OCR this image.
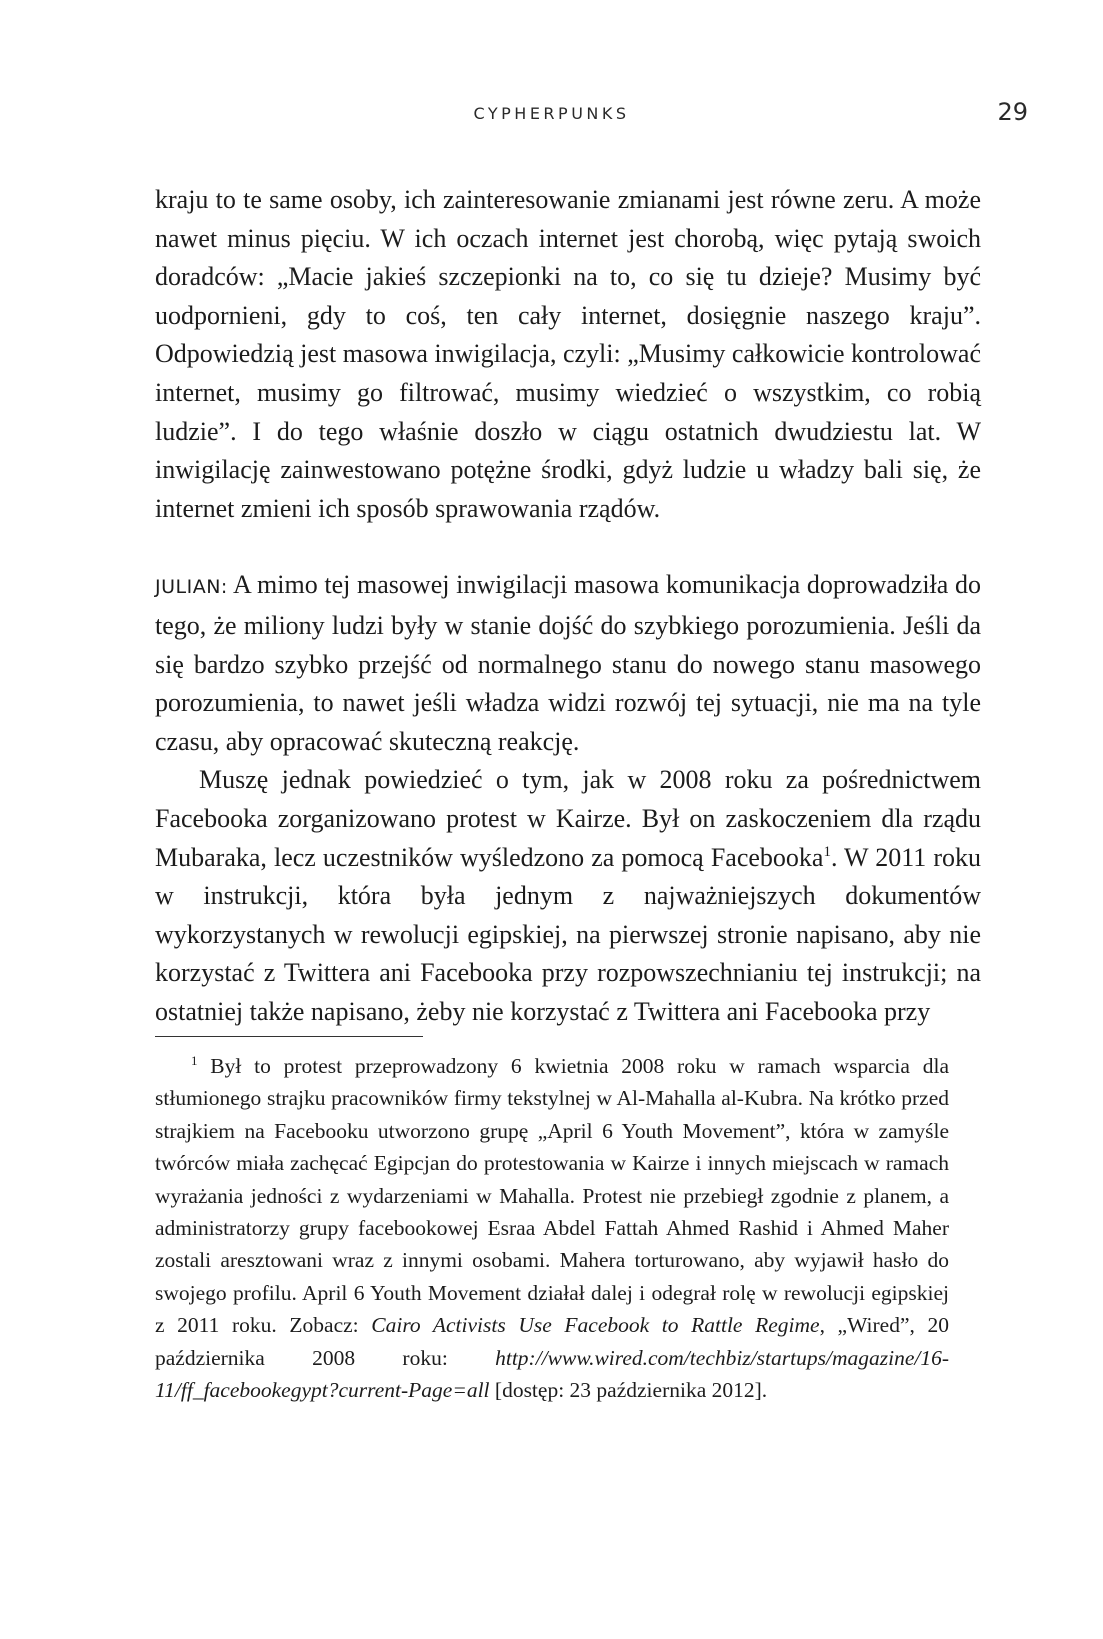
CYPHERPUNKS	29

kraju to te same osoby, ich zainteresowanie zmianami jest równe zeru. A może nawet minus pięciu. W ich oczach internet jest chorobą, więc pytają swoich doradców: „Macie jakieś szczepionki na to, co się tu dzieje? Musimy być uodpornieni, gdy to coś, ten cały internet, dosięgnie naszego kraju”. Odpowiedzią jest masowa inwigilacja, czyli: „Musimy całkowicie kontrolować internet, musimy go filtrować, musimy wiedzieć o wszystkim, co robią ludzie”. I do tego właśnie doszło w ciągu ostatnich dwudziestu lat. W inwigilację zainwestowano potężne środki, gdyż ludzie u władzy bali się, że internet zmieni ich sposób sprawowania rządów.

JULIAN: A mimo tej masowej inwigilacji masowa komunikacja doprowadziła do tego, że miliony ludzi były w stanie dojść do szybkiego porozumienia. Jeśli da się bardzo szybko przejść od normalnego stanu do nowego stanu masowego porozumienia, to nawet jeśli władza widzi rozwój tej sytuacji, nie ma na tyle czasu, aby opracować skuteczną reakcję.

Muszę jednak powiedzieć o tym, jak w 2008 roku za pośrednictwem Facebooka zorganizowano protest w Kairze. Był on zaskoczeniem dla rządu Mubaraka, lecz uczestników wyśledzono za pomocą Facebooka$^1$. W 2011 roku w instrukcji, która była jednym z najważniejszych dokumentów wykorzystanych w rewolucji egipskiej, na pierwszej stronie napisano, aby nie korzystać z Twittera ani Facebooka przy rozpowszechnianiu tej instrukcji; na ostatniej także napisano, żeby nie korzystać z Twittera ani Facebooka przy

$^1$ Był to protest przeprowadzony 6 kwietnia 2008 roku w ramach wsparcia dla stłumionego strajku pracowników firmy tekstylnej w Al-Mahalla al-Kubra. Na krótko przed strajkiem na Facebooku utworzono grupę „April 6 Youth Movement”, która w zamyśle twórców miała zachęcać Egipcjan do protestowania w Kairze i innych miejscach w ramach wyrażania jedności z wydarzeniami w Mahalla. Protest nie przebiegł zgodnie z planem, a administratorzy grupy facebookowej Esraa Abdel Fattah Ahmed Rashid i Ahmed Maher zostali aresztowani wraz z innymi osobami. Mahera torturowano, aby wyjawił hasło do swojego profilu. April 6 Youth Movement działał dalej i odegrał rolę w rewolucji egipskiej z 2011 roku. Zobacz: Cairo Activists Use Facebook to Rattle Regime, „Wired”, 20 października 2008 roku: http://www.wired.com/techbiz/startups/magazine/16-11/ff_facebookegypt?current-Page=all [dostęp: 23 października 2012].
